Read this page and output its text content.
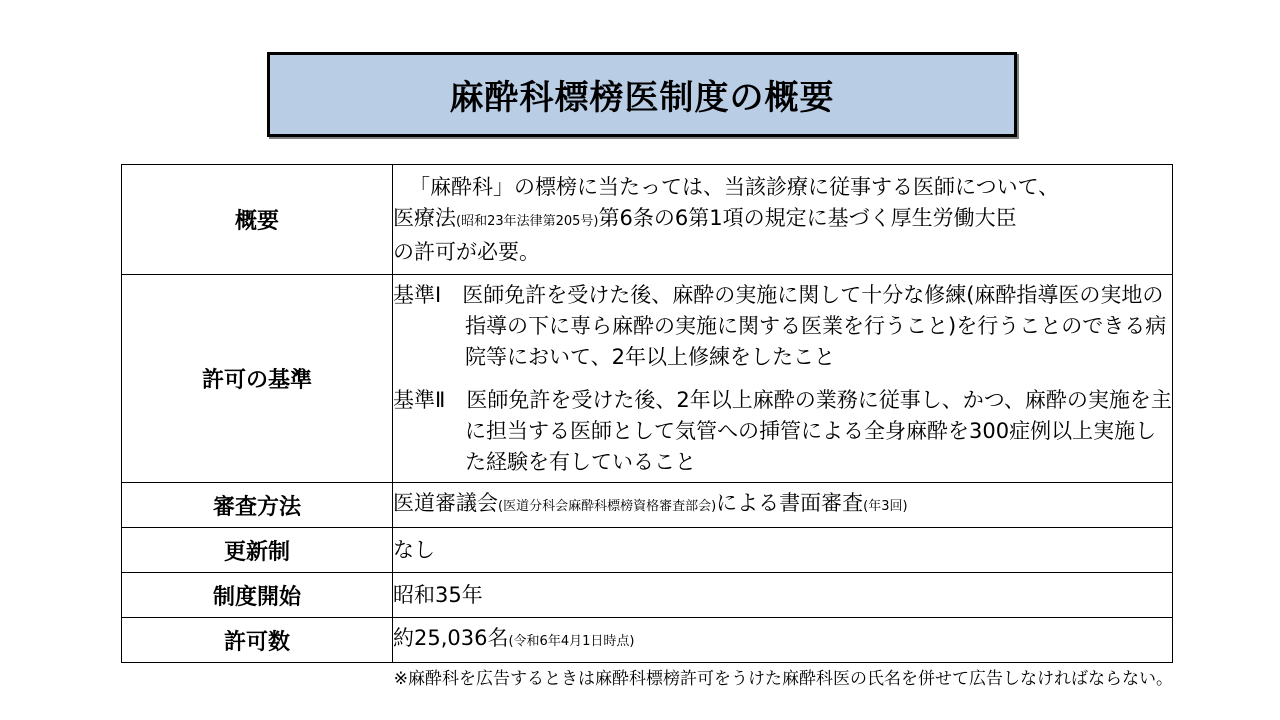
麻酔科標榜医制度の概要
概要	「麻酔科」の標榜に当たっては、当該診療に従事する医師について、
医療法(昭和23年法律第205号)第6条の6第1項の規定に基づく厚生労働大臣
の許可が必要。

許可の基準	基準Ⅰ　医師免許を受けた後、麻酔の実施に関して十分な修練(麻酔指導医の実地の指導の下に専ら麻酔の実施に関する医業を行うこと)を行うことのできる病院等において、2年以上修練をしたこと
基準Ⅱ　医師免許を受けた後、2年以上麻酔の業務に従事し、かつ、麻酔の実施を主に担当する医師として気管への挿管による全身麻酔を300症例以上実施した経験を有していること

審査方法	医道審議会(医道分科会麻酔科標榜資格審査部会)による書面審査(年3回)
更新制	なし
制度開始	昭和35年
許可数	約25,036名(令和6年4月1日時点)
※麻酔科を広告するときは麻酔科標榜許可をうけた麻酔科医の氏名を併せて広告しなければならない。
